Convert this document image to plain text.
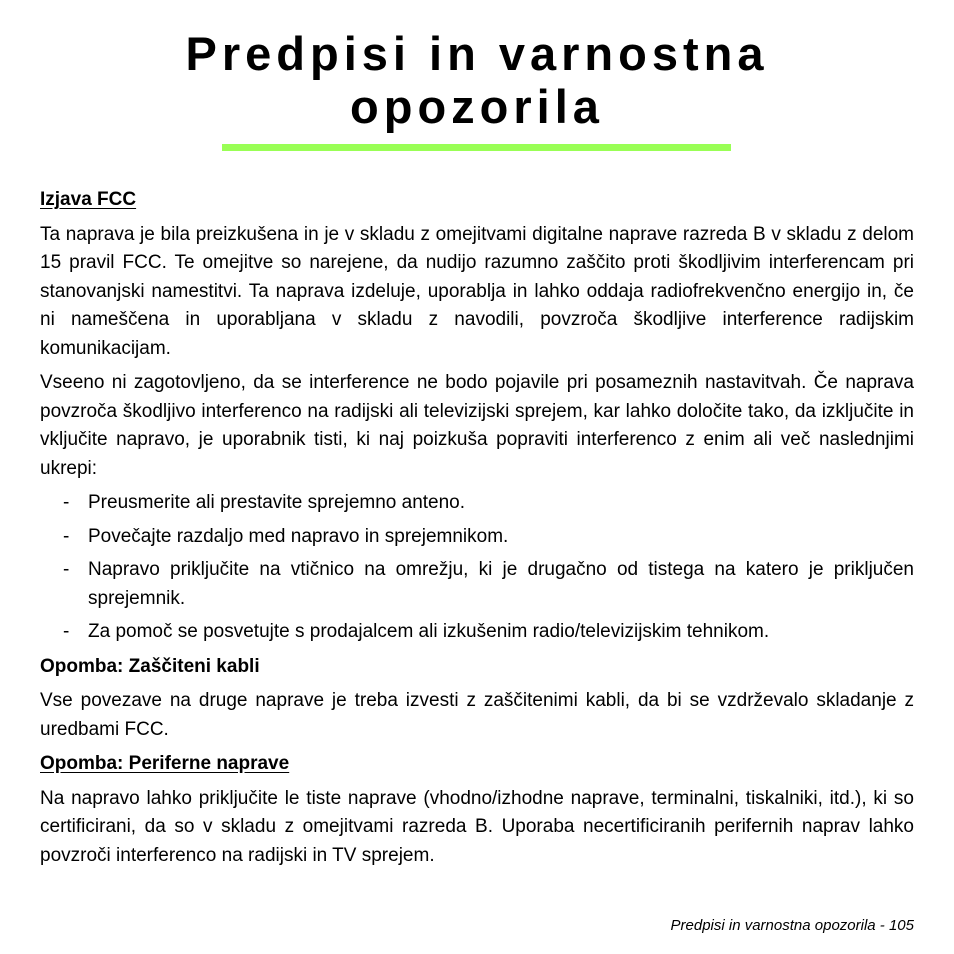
Predpisi in varnostna
opozorila
Izjava FCC

Ta naprava je bila preizkušena in je v skladu z omejitvami digitalne naprave razreda B v skladu z delom 15 pravil FCC. Te omejitve so narejene, da nudijo razumno zaščito proti škodljivim interferencam pri stanovanjski namestitvi. Ta naprava izdeluje, uporablja in lahko oddaja radiofrekvenčno energijo in, če ni nameščena in uporabljana v skladu z navodili, povzroča škodljive interference radijskim komunikacijam.

Vseeno ni zagotovljeno, da se interference ne bodo pojavile pri posameznih nastavitvah. Če naprava povzroča škodljivo interferenco na radijski ali televizijski sprejem, kar lahko določite tako, da izklјučite in vklјučite napravo, je uporabnik tisti, ki naj poizkuša popraviti interferenco z enim ali več naslednjimi ukrepi:

- Preusmerite ali prestavite sprejemno anteno.
- Povečajte razdaljo med napravo in sprejemnikom.
- Napravo priključite na vtičnico na omrežju, ki je drugačno od tistega na katero je priključen sprejemnik.
- Za pomoč se posvetujte s prodajalcem ali izkušenim radio/televizijskim tehnikom.
Opomba: Zaščiteni kabli

Vse povezave na druge naprave je treba izvesti z zaščitenimi kabli, da bi se vzdrževalo skladanje z uredbami FCC.

Opomba: Periferne naprave

Na napravo lahko priključite le tiste naprave (vhodno/izhodne naprave, terminalni, tiskalniki, itd.), ki so certificirani, da so v skladu z omejitvami razreda B. Uporaba necertificiranih perifernih naprav lahko povzroči interferenco na radijski in TV sprejem.

Predpisi in varnostna opozorila - 105
